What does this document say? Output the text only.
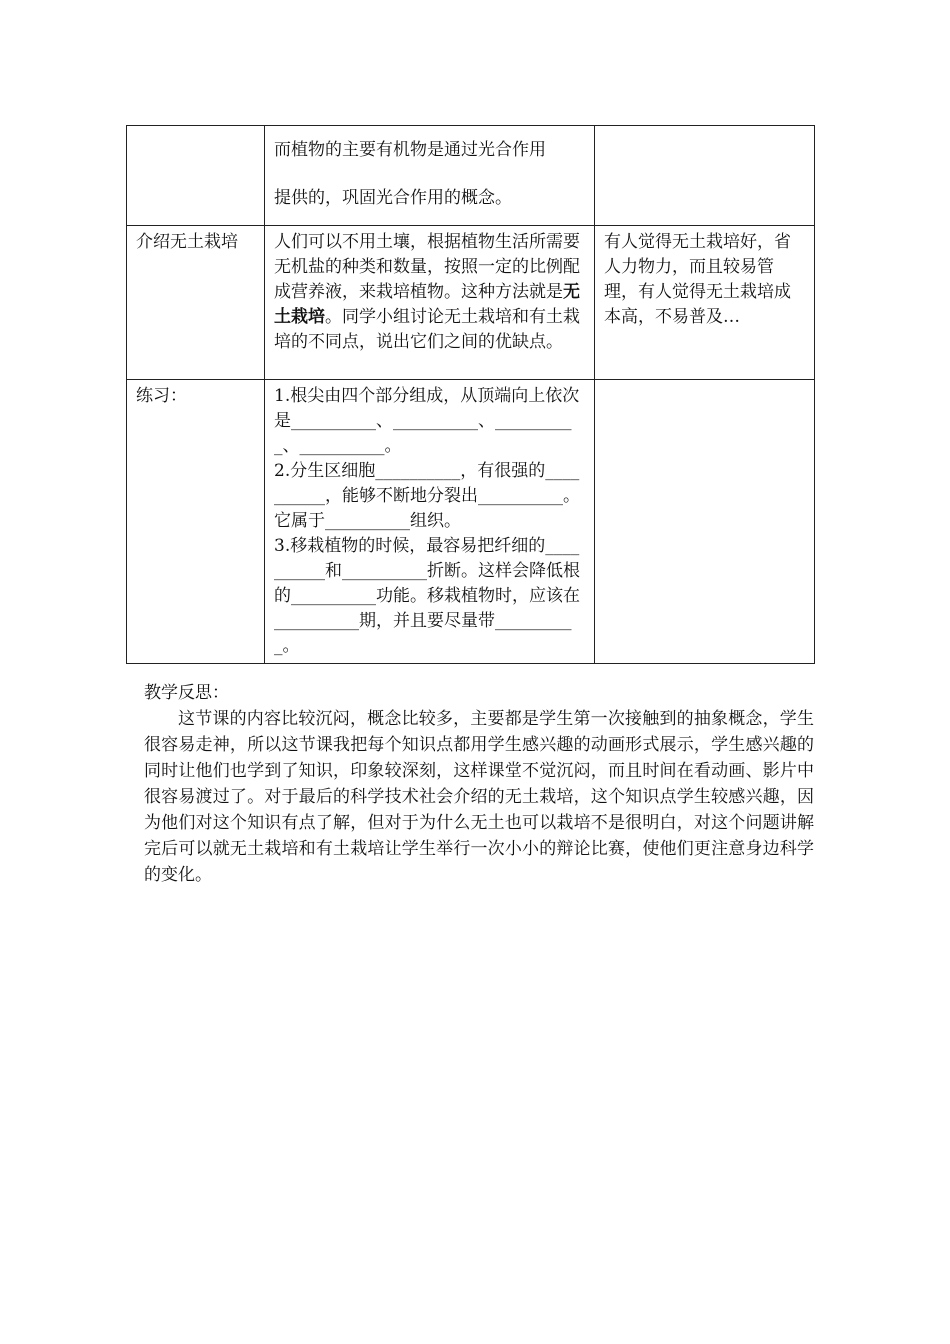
	而植物的主要有机物是通过光合作用
提供的，巩固光合作用的概念。	

介绍无土栽培	人们可以不用土壤，根据植物生活所需要无机盐的种类和数量，按照一定的比例配成营养液，来栽培植物。这种方法就是无土栽培。同学小组讨论无土栽培和有土栽培的不同点，说出它们之间的优缺点。	有人觉得无土栽培好，省人力物力，而且较易管理，有人觉得无土栽培成本高，不易普及…
练习：	1.根尖由四个部分组成，从顶端向上依次是__________、__________、__________、__________。
2.分生区细胞__________，有很强的__________，能够不断地分裂出__________。它属于__________组织。
3.移栽植物的时候，最容易把纤细的__________和__________折断。这样会降低根的__________功能。移栽植物时，应该在__________期，并且要尽量带__________。	

教学反思：

这节课的内容比较沉闷，概念比较多，主要都是学生第一次接触到的抽象概念，学生很容易走神，所以这节课我把每个知识点都用学生感兴趣的动画形式展示，学生感兴趣的同时让他们也学到了知识，印象较深刻，这样课堂不觉沉闷，而且时间在看动画、影片中很容易渡过了。对于最后的科学技术社会介绍的无土栽培，这个知识点学生较感兴趣，因为他们对这个知识有点了解，但对于为什么无土也可以栽培不是很明白，对这个问题讲解完后可以就无土栽培和有土栽培让学生举行一次小小的辩论比赛，使他们更注意身边科学的变化。
